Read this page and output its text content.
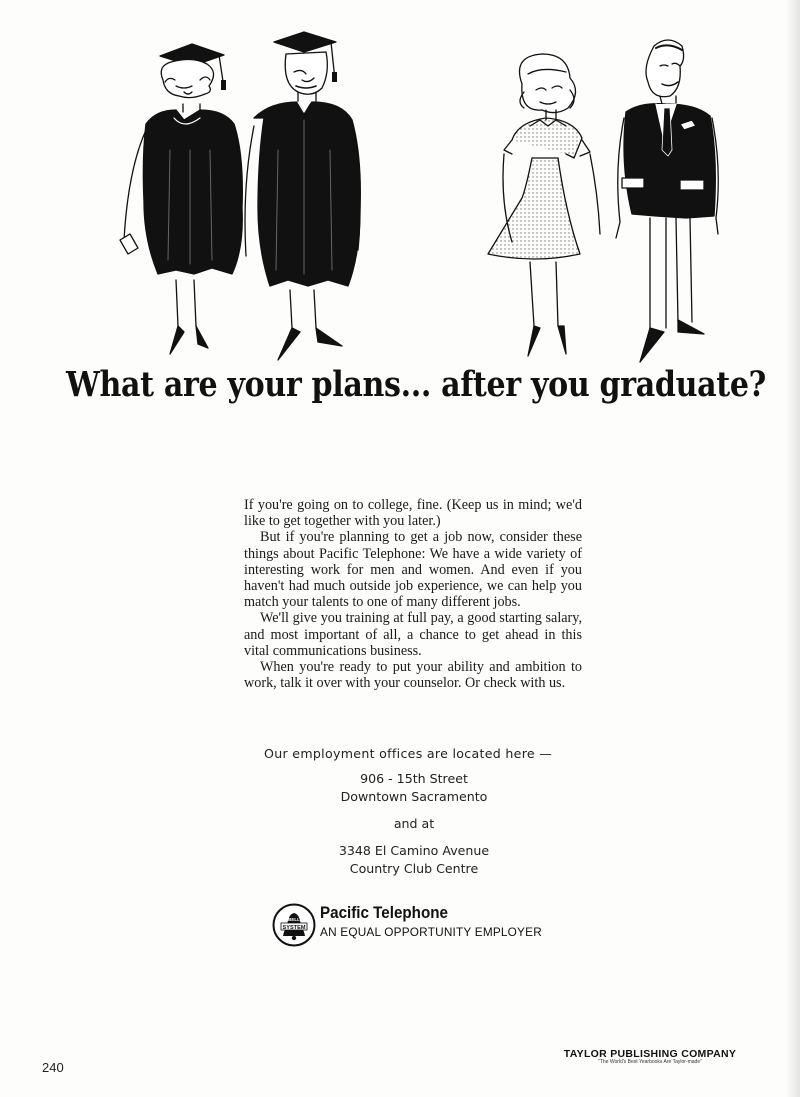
What are your plans... after you graduate?

If you're going on to college, fine. (Keep us in mind; we'd like to get together with you later.)

But if you're planning to get a job now, consider these things about Pacific Telephone: We have a wide variety of interesting work for men and women. And even if you haven't had much outside job experience, we can help you match your talents to one of many different jobs.

We'll give you training at full pay, a good starting salary, and most important of all, a chance to get ahead in this vital communications business.

When you're ready to put your ability and ambition to work, talk it over with your counselor. Or check with us.

Our employment offices are located here —
906 - 15th Street
Downtown Sacramento
and at
3348 El Camino Avenue
Country Club Centre
SYSTEM
BELL Pacific Telephone
AN EQUAL OPPORTUNITY EMPLOYER
240
TAYLOR PUBLISHING COMPANY
"The World's Best Yearbooks Are Taylor-made"
